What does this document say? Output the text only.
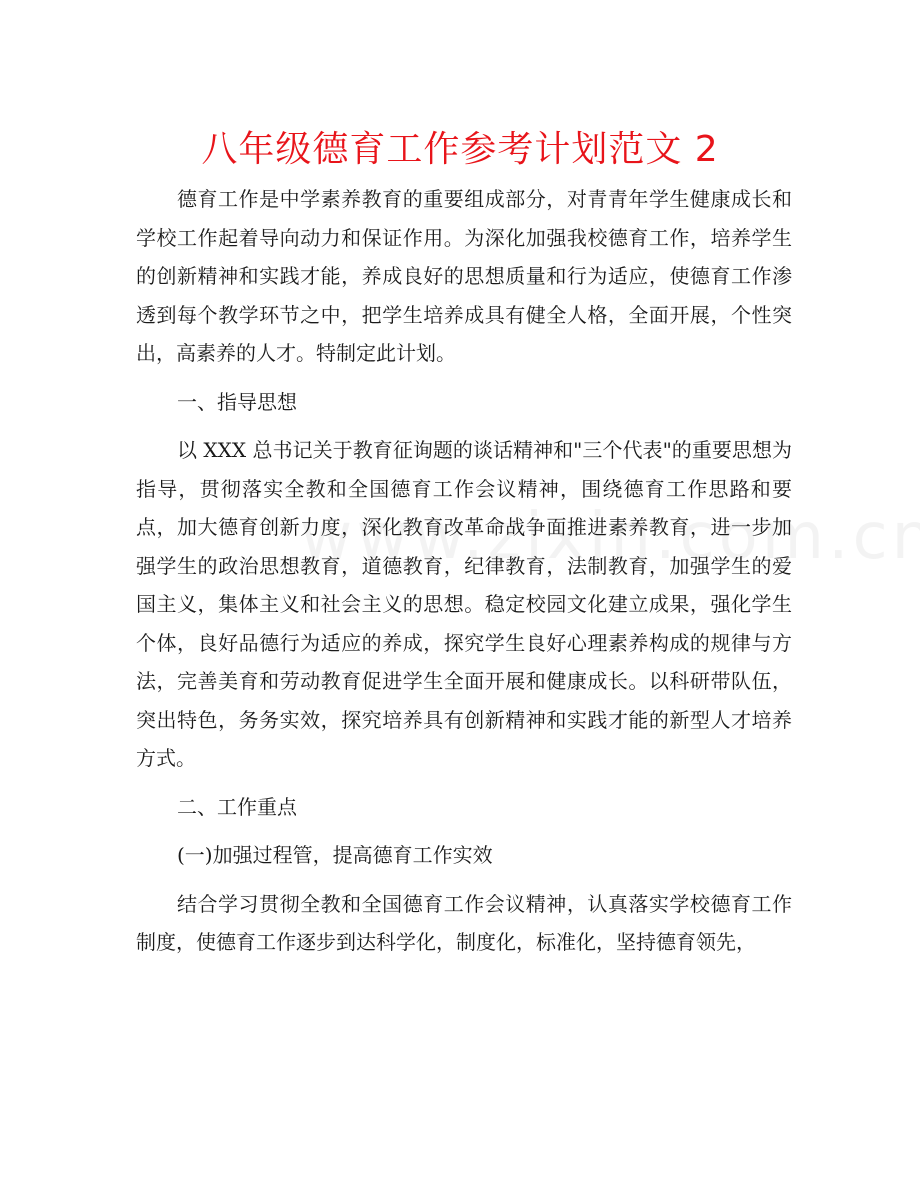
八年级德育工作参考计划范文 2

德育工作是中学素养教育的重要组成部分，对青青年学生健康成长和学校工作起着导向动力和保证作用。为深化加强我校德育工作，培养学生的创新精神和实践才能，养成良好的思想质量和行为适应，使德育工作渗透到每个教学环节之中，把学生培养成具有健全人格，全面开展，个性突出，高素养的人才。特制定此计划。

一、指导思想

以 XXX 总书记关于教育征询题的谈话精神和"三个代表"的重要思想为指导，贯彻落实全教和全国德育工作会议精神，围绕德育工作思路和要点，加大德育创新力度，深化教育改革命战争面推进素养教育，进一步加强学生的政治思想教育，道德教育，纪律教育，法制教育，加强学生的爱国主义，集体主义和社会主义的思想。稳定校园文化建立成果，强化学生个体，良好品德行为适应的养成，探究学生良好心理素养构成的规律与方法，完善美育和劳动教育促进学生全面开展和健康成长。以科研带队伍，突出特色，务务实效，探究培养具有创新精神和实践才能的新型人才培养方式。

二、工作重点

(一)加强过程管，提高德育工作实效

结合学习贯彻全教和全国德育工作会议精神，认真落实学校德育工作制度，使德育工作逐步到达科学化，制度化，标准化，坚持德育领先，
